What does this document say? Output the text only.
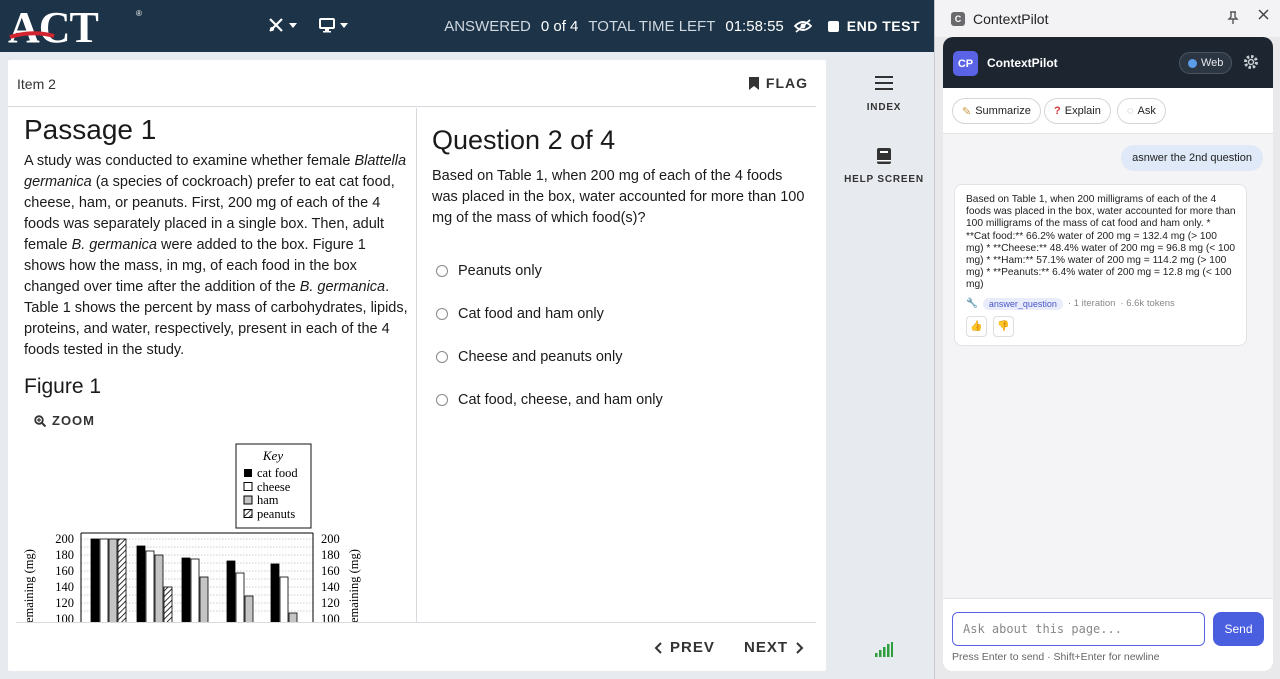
ACT	®
ANSWERED 0 of 4 TOTAL TIME LEFT 01:58:55	END TEST
Item 2	FLAG
Passage 1

A study was conducted to examine whether female Blattella germanica (a species of cockroach) prefer to eat cat food, cheese, ham, or peanuts. First, 200 mg of each of the 4 foods was separately placed in a single box. Then, adult female B. germanica were added to the box. Figure 1 shows how the mass, in mg, of each food in the box changed over time after the addition of the B. germanica. Table 1 shows the percent by mass of carbohydrates, lipids, proteins, and water, respectively, present in each of the 4 foods tested in the study.

Figure 1
ZOOM
Key
cat food
cheese
ham
peanuts
200
180
160
140
120
100
200
180
160
140
120
100
emaining (mg)	emaining (mg)
Question 2 of 4
Based on Table 1, when 200 mg of each of the 4 foods was placed in the box, water accounted for more than 100 mg of the mass of which food(s)?
Peanuts only
Cat food and ham only
Cheese and peanuts only
Cat food, cheese, and ham only
PREV NEXT
INDEX
HELP SCREEN
C ContextPilot
CP	ContextPilot	Web
✎ Summarize ? Explain ◌ Ask
asnwer the 2nd question
Based on Table 1, when 200 milligrams of each of the 4 foods was placed in the box, water accounted for more than 100 milligrams of the mass of cat food and ham only. * **Cat food:** 66.2% water of 200 mg = 132.4 mg (> 100 mg) * **Cheese:** 48.4% water of 200 mg = 96.8 mg (< 100 mg) * **Ham:** 57.1% water of 200 mg = 114.2 mg (> 100 mg) * **Peanuts:** 6.4% water of 200 mg = 12.8 mg (< 100 mg)
🔧	answer_question	· 1 iteration · 6.6k tokens
👍	👎
Ask about this page...
Send
Press Enter to send · Shift+Enter for newline
